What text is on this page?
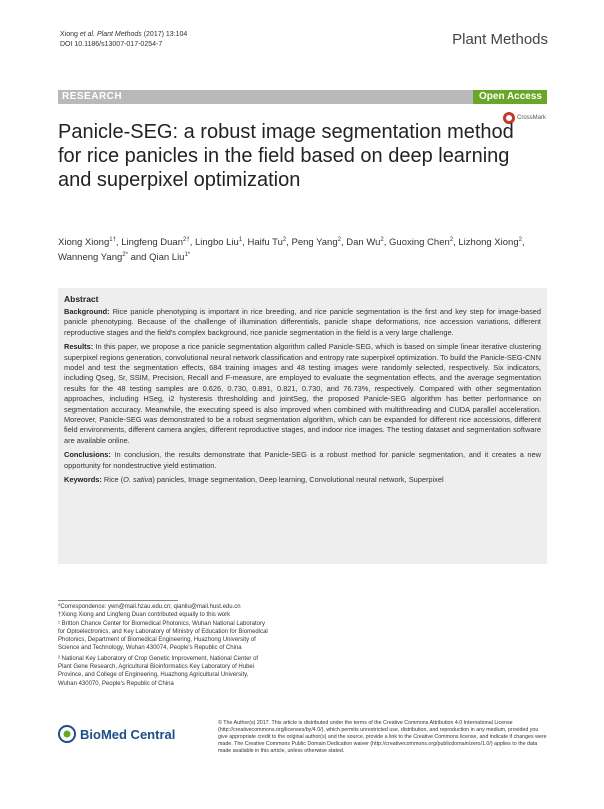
Xiong et al. Plant Methods (2017) 13:104
DOI 10.1186/s13007-017-0254-7	Plant Methods
RESEARCH	Open Access
CrossMark
Panicle-SEG: a robust image segmentation method for rice panicles in the field based on deep learning and superpixel optimization
Xiong Xiong$^{1\dagger}$, Lingfeng Duan$^{2\dagger}$, Lingbo Liu$^1$, Haifu Tu$^2$, Peng Yang$^2$, Dan Wu$^2$, Guoxing Chen$^2$, Lizhong Xiong$^2$, Wanneng Yang$^{2*}$ and Qian Liu$^{1*}$
Abstract

Background: Rice panicle phenotyping is important in rice breeding, and rice panicle segmentation is the first and key step for image-based panicle phenotyping. Because of the challenge of illumination differentials, panicle shape deformations, rice accession variations, different reproductive stages and the field's complex background, rice panicle segmentation in the field is a very large challenge.

Results: In this paper, we propose a rice panicle segmentation algorithm called Panicle-SEG, which is based on simple linear iterative clustering superpixel regions generation, convolutional neural network classification and entropy rate superpixel optimization. To build the Panicle-SEG-CNN model and test the segmentation effects, 684 training images and 48 testing images were randomly selected, respectively. Six indicators, including Qseg, Sr, SSIM, Precision, Recall and F-measure, are employed to evaluate the segmentation effects, and the average segmentation results for the 48 testing samples are 0.626, 0.730, 0.891, 0.821, 0.730, and 76.73%, respectively. Compared with other segmentation approaches, including HSeg, i2 hysteresis thresholding and jointSeg, the proposed Panicle-SEG algorithm has better performance on segmentation accuracy. Meanwhile, the executing speed is also improved when combined with multithreading and CUDA parallel acceleration. Moreover, Panicle-SEG was demonstrated to be a robust segmentation algorithm, which can be expanded for different rice accessions, different field environments, different camera angles, different reproductive stages, and indoor rice images. The testing dataset and segmentation software are available online.

Conclusions: In conclusion, the results demonstrate that Panicle-SEG is a robust method for panicle segmentation, and it creates a new opportunity for nondestructive yield estimation.

Keywords: Rice (O. sativa) panicles, Image segmentation, Deep learning, Convolutional neural network, Superpixel

*Correspondence: ywn@mail.hzau.edu.cn; qianliu@mail.hust.edu.cn

†Xiong Xiong and Lingfeng Duan contributed equally to this work

¹ Britton Chance Center for Biomedical Photonics, Wuhan National Laboratory for Optoelectronics, and Key Laboratory of Ministry of Education for Biomedical Photonics, Department of Biomedical Engineering, Huazhong University of Science and Technology, Wuhan 430074, People's Republic of China

² National Key Laboratory of Crop Genetic Improvement, National Center of Plant Gene Research, Agricultural Bioinformatics Key Laboratory of Hubei Province, and College of Engineering, Huazhong Agricultural University, Wuhan 430070, People's Republic of China

BioMed Central
© The Author(s) 2017. This article is distributed under the terms of the Creative Commons Attribution 4.0 International License (http://creativecommons.org/licenses/by/4.0/), which permits unrestricted use, distribution, and reproduction in any medium, provided you give appropriate credit to the original author(s) and the source, provide a link to the Creative Commons license, and indicate if changes were made. The Creative Commons Public Domain Dedication waiver (http://creativecommons.org/publicdomain/zero/1.0/) applies to the data made available in this article, unless otherwise stated.
